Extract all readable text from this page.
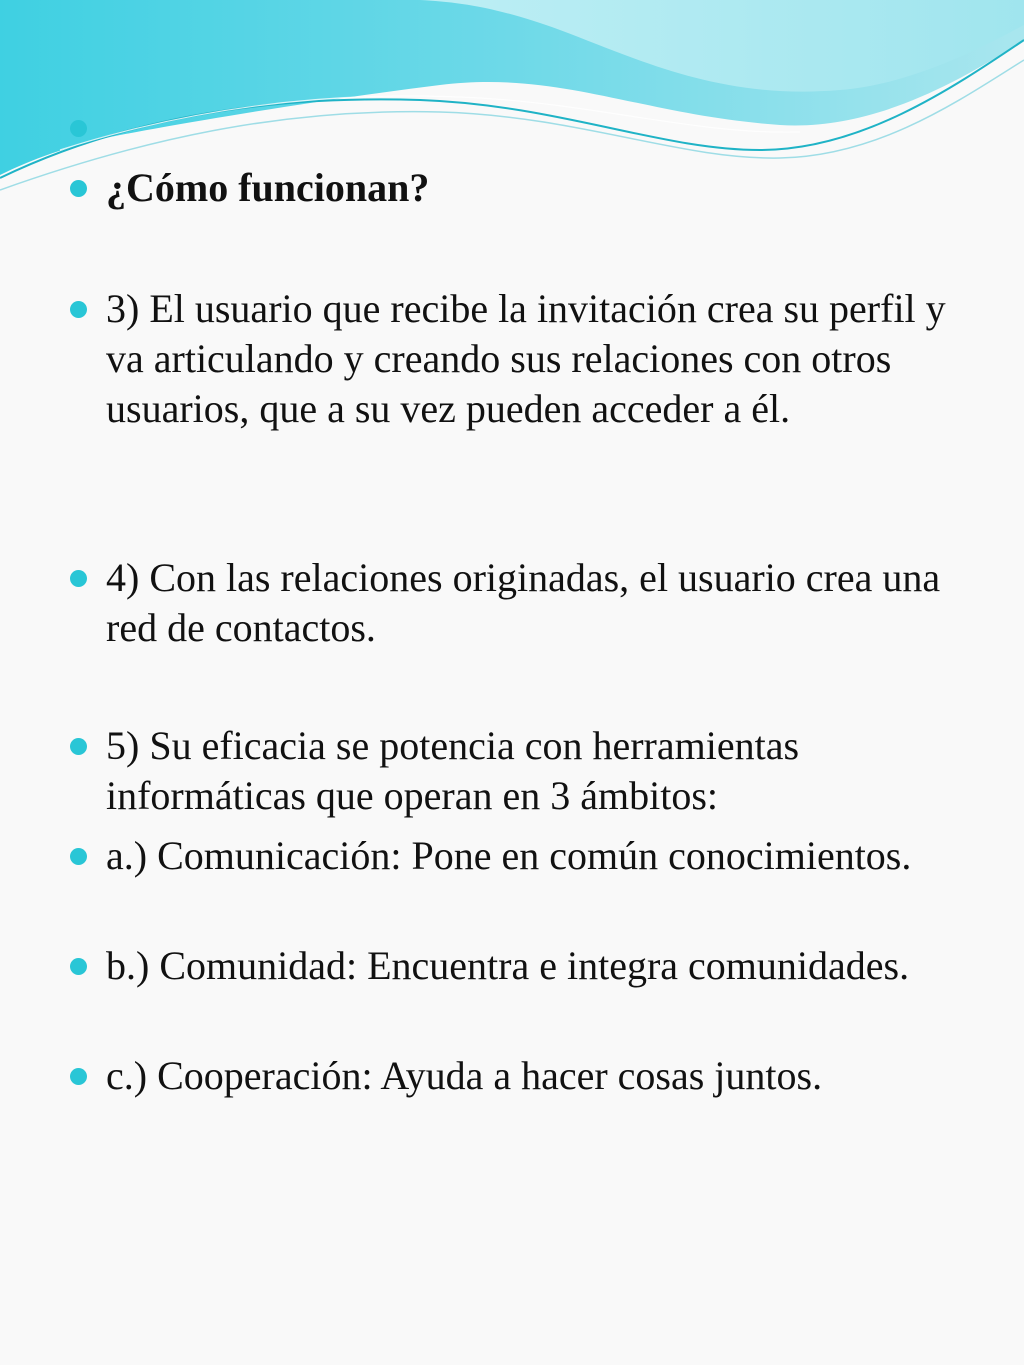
¿Cómo funcionan?

3) El usuario que recibe la invitación crea su perfil y va articulando y creando sus relaciones con otros usuarios, que a su vez pueden acceder a él.

4) Con las relaciones originadas, el usuario crea una red de contactos.

5) Su eficacia se potencia con herramientas informáticas que operan en 3 ámbitos:

a.) Comunicación: Pone en común conocimientos.

b.) Comunidad: Encuentra e integra comunidades.

c.) Cooperación: Ayuda a hacer cosas juntos.
